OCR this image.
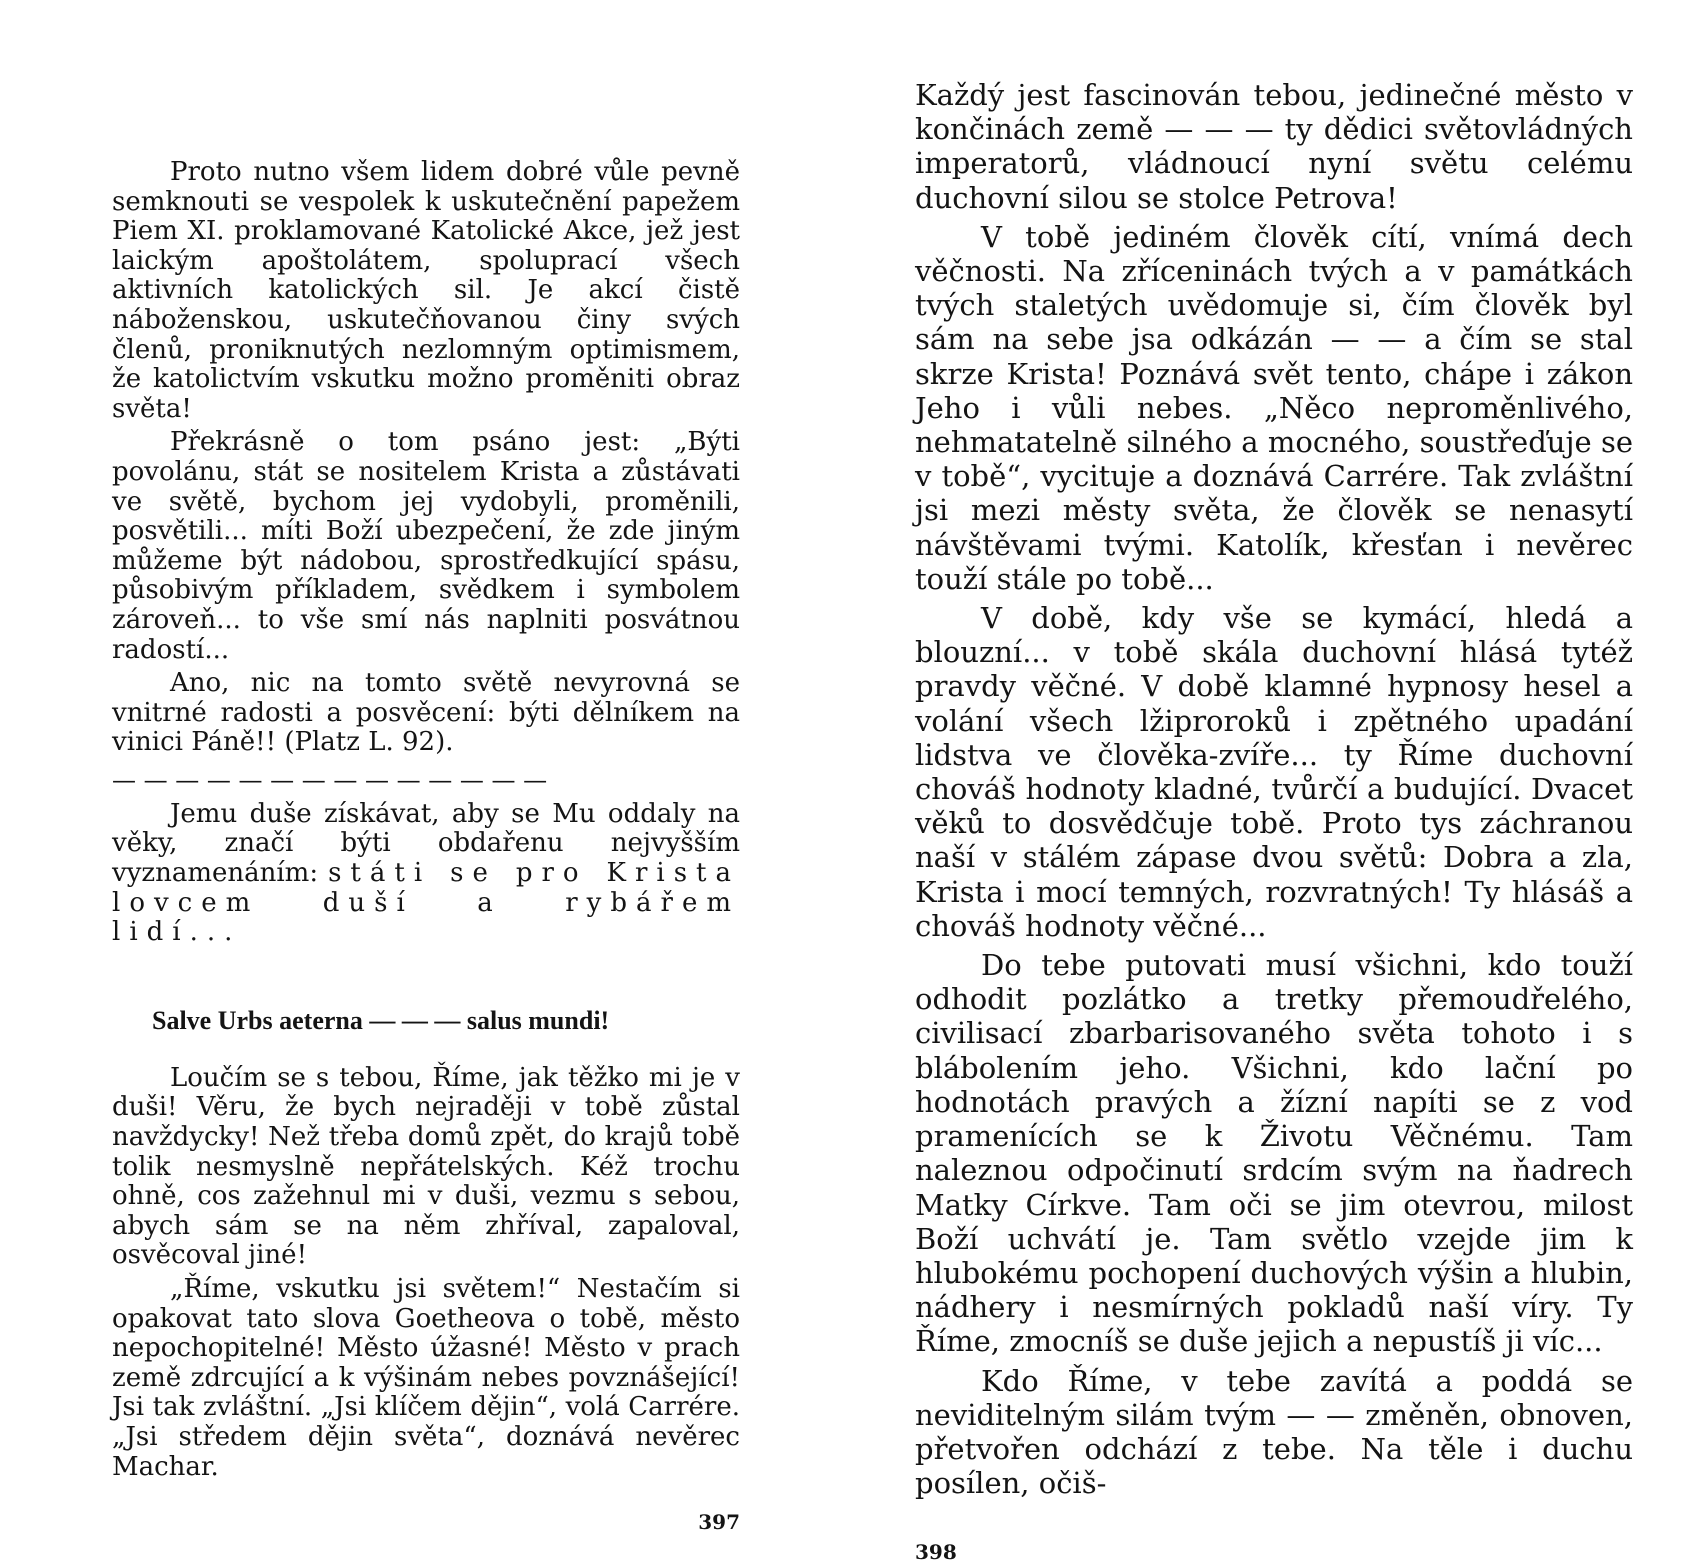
Proto nutno všem lidem dobré vůle pevně semknouti se vespolek k uskutečnění papežem Piem XI. proklamované Katolické Akce, jež jest laickým apoštolátem, spoluprací všech aktivních katolických sil. Je akcí čistě náboženskou, uskutečňovanou činy svých členů, proniknutých nezlomným optimismem, že katolictvím vskutku možno proměniti obraz světa!

Překrásně o tom psáno jest: „Býti povolánu, stát se nositelem Krista a zůstávati ve světě, bychom jej vydobyli, proměnili, posvětili... míti Boží ubezpečení, že zde jiným můžeme být nádobou, sprostředkující spásu, působivým příkladem, svědkem i symbolem zároveň... to vše smí nás naplniti posvátnou radostí...

Ano, nic na tomto světě nevyrovná se vnitrné radosti a posvěcení: býti dělníkem na vinici Páně!! (Platz L. 92).

— — — — — — — — — — — — — —

Jemu duše získávat, aby se Mu oddaly na věky, značí býti obdařenu nejvyšším vyznamenáním: státi se pro Krista lovcem duší a rybářem lidí...

Salve Urbs aeterna — — — salus mundi!

Loučím se s tebou, Říme, jak těžko mi je v duši! Věru, že bych nejraději v tobě zůstal navždycky! Než třeba domů zpět, do krajů tobě tolik nesmyslně nepřátelských. Kéž trochu ohně, cos zažehnul mi v duši, vezmu s sebou, abych sám se na něm zhříval, zapaloval, osvěcoval jiné!

„Říme, vskutku jsi světem!“ Nestačím si opakovat tato slova Goetheova o tobě, město nepochopitelné! Město úžasné! Město v prach země zdrcující a k výšinám nebes povznášející! Jsi tak zvláštní. „Jsi klíčem dějin“, volá Carrére. „Jsi středem dějin světa“, doznává nevěrec Machar.

397

Každý jest fascinován tebou, jedinečné město v končinách země — — — ty dědici světovládných imperatorů, vládnoucí nyní světu celému duchovní silou se stolce Petrova!

V tobě jediném člověk cítí, vnímá dech věčnosti. Na zříceninách tvých a v památkách tvých staletých uvědomuje si, čím člověk byl sám na sebe jsa odkázán — — a čím se stal skrze Krista! Poznává svět tento, chápe i zákon Jeho i vůli nebes. „Něco neproměnlivého, nehmatatelně silného a mocného, soustřeďuje se v tobě“, vycituje a doznává Carrére. Tak zvláštní jsi mezi městy světa, že člověk se nenasytí návštěvami tvými. Katolík, křesťan i nevěrec touží stále po tobě...

V době, kdy vše se kymácí, hledá a blouzní... v tobě skála duchovní hlásá tytéž pravdy věčné. V době klamné hypnosy hesel a volání všech lžiproroků i zpětného upadání lidstva ve člověka-zvíře... ty Říme duchovní chováš hodnoty kladné, tvůrčí a budující. Dvacet věků to dosvědčuje tobě. Proto tys záchranou naší v stálém zápase dvou světů: Dobra a zla, Krista i mocí temných, rozvratných! Ty hlásáš a chováš hodnoty věčné...

Do tebe putovati musí všichni, kdo touží odhodit pozlátko a tretky přemoudřelého, civilisací zbarbarisovaného světa tohoto i s blábolením jeho. Všichni, kdo lační po hodnotách pravých a žízní napíti se z vod pramenících se k Životu Věčnému. Tam naleznou odpočinutí srdcím svým na ňadrech Matky Církve. Tam oči se jim otevrou, milost Boží uchvátí je. Tam světlo vzejde jim k hlubokému pochopení duchových výšin a hlubin, nádhery i nesmírných pokladů naší víry. Ty Říme, zmocníš se duše jejich a nepustíš ji víc...

Kdo Říme, v tebe zavítá a poddá se neviditelným silám tvým — — změněn, obnoven, přetvořen odchází z tebe. Na těle i duchu posílen, očiš-

398
